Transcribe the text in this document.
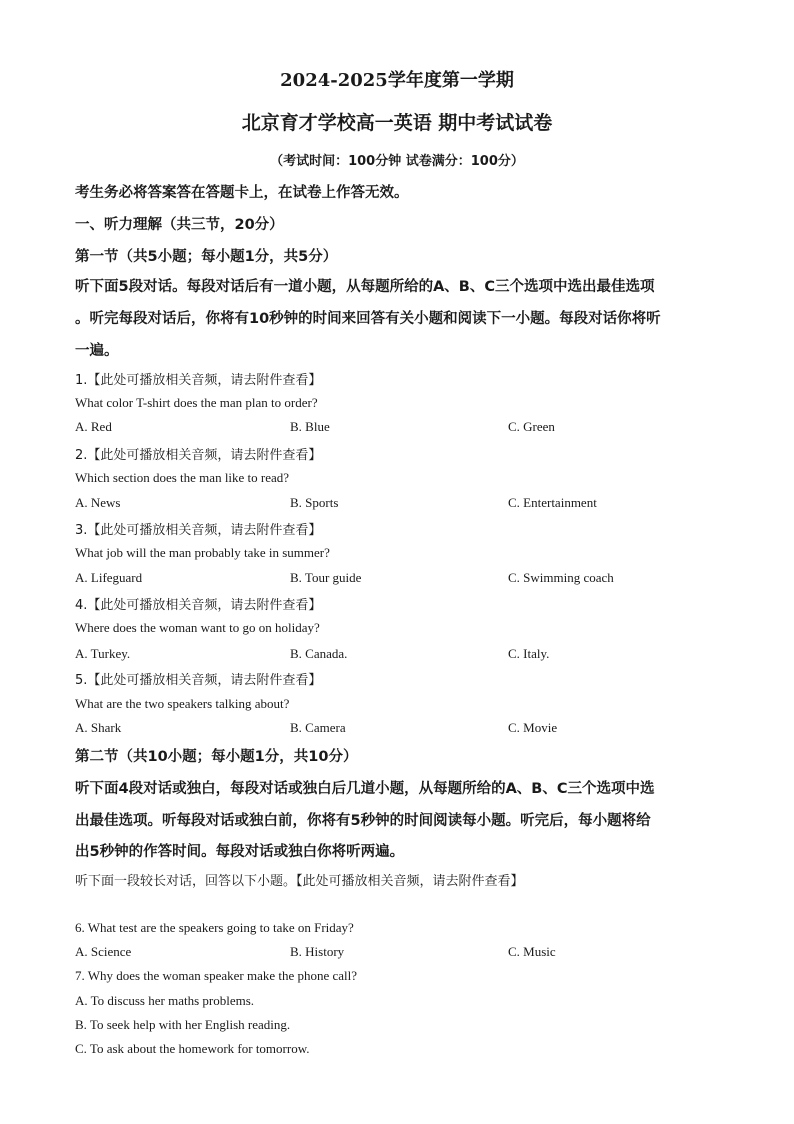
2024-2025学年度第一学期
北京育才学校高一英语 期中考试试卷
（考试时间：100分钟 试卷满分：100分）
考生务必将答案答在答题卡上，在试卷上作答无效。
一、听力理解（共三节，20分）
第一节（共5小题；每小题1分，共5分）
听下面5段对话。每段对话后有一道小题，从每题所给的A、B、C三个选项中选出最佳选项
。听完每段对话后，你将有10秒钟的时间来回答有关小题和阅读下一小题。每段对话你将听
一遍。
1.【此处可播放相关音频，请去附件查看】
What color T-shirt does the man plan to order?
A. Red	B. Blue	C. Green
2.【此处可播放相关音频，请去附件查看】
Which section does the man like to read?
A. News	B. Sports	C. Entertainment
3.【此处可播放相关音频，请去附件查看】
What job will the man probably take in summer?
A. Lifeguard	B. Tour guide	C. Swimming coach
4.【此处可播放相关音频，请去附件查看】
Where does the woman want to go on holiday?
A. Turkey.	B. Canada.	C. Italy.
5.【此处可播放相关音频，请去附件查看】
What are the two speakers talking about?
A. Shark	B. Camera	C. Movie
第二节（共10小题；每小题1分，共10分）
听下面4段对话或独白，每段对话或独白后几道小题，从每题所给的A、B、C三个选项中选
出最佳选项。听每段对话或独白前，你将有5秒钟的时间阅读每小题。听完后，每小题将给
出5秒钟的作答时间。每段对话或独白你将听两遍。
听下面一段较长对话，回答以下小题。【此处可播放相关音频，请去附件查看】
6. What test are the speakers going to take on Friday?
A. Science	B. History	C. Music
7. Why does the woman speaker make the phone call?
A. To discuss her maths problems.
B. To seek help with her English reading.
C. To ask about the homework for tomorrow.
